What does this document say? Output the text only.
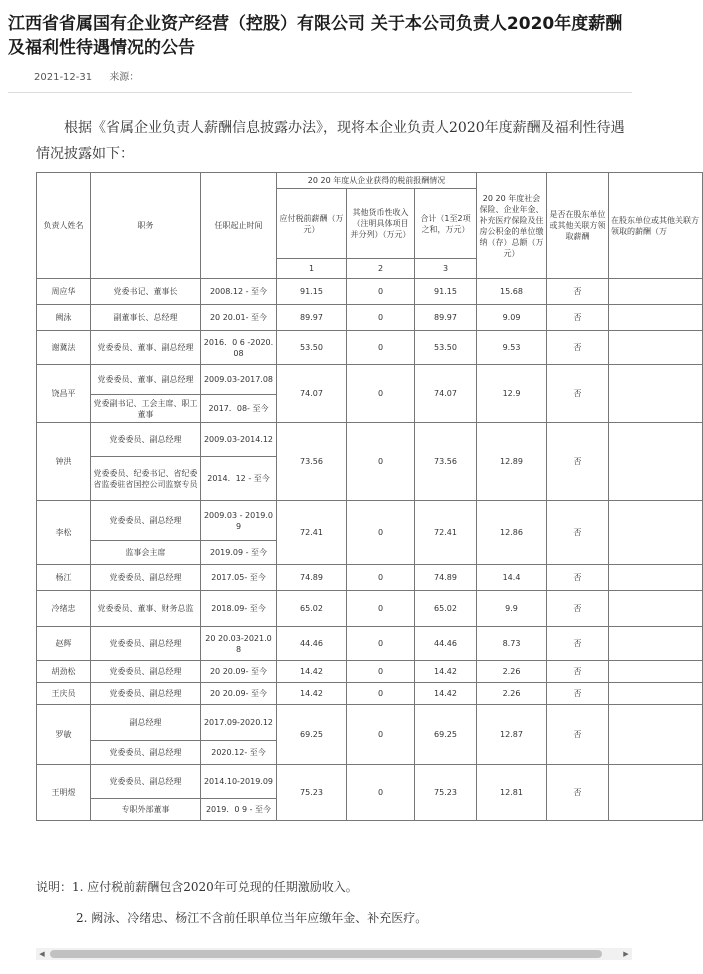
江西省省属国有企业资产经营（控股）有限公司 关于本公司负责人2020年度薪酬及福利性待遇情况的公告
2021-12-31 来源：

根据《省属企业负责人薪酬信息披露办法》，现将本企业负责人2020年度薪酬及福利性待遇情况披露如下：

负责人姓名	职务	任职起止时间	20 20 年度从企业获得的税前报酬情况			20 20 年度社会保险、企业年金、补充医疗保险及住房公积金的单位缴纳（存）总额（万元）	是否在股东单位或其他关联方领取薪酬	在股东单位或其他关联方领取的薪酬（万
			应付税前薪酬（万元）	其他货币性收入（注明具体项目并分列）（万元）	合计（1至2项之和，万元）			
			1	2	3			
周应华	党委书记、董事长	2008.12 - 至今	91.15	0	91.15	15.68	否	
阙泳	副董事长、总经理	20 20.01- 至今	89.97	0	89.97	9.09	否	
谢冀法	党委委员、董事、副总经理	2016．0 6 -2020.08	53.50	0	53.50	9.53	否	
饶昌平	党委委员、董事、副总经理	2009.03-2017.08	74.07	0	74.07	12.9	否	
	党委副书记、工会主席、职工董事	2017．08- 至今						
钟洪	党委委员、副总经理	2009.03-2014.12	73.56	0	73.56	12.89	否	
	党委委员、纪委书记、省纪委 省监委驻省国控公司监察专员	2014．12 - 至今						
李松	党委委员、副总经理	2009.03 - 2019.09	72.41	0	72.41	12.86	否	
	监事会主席	2019.09 - 至今						
杨江	党委委员、副总经理	2017.05- 至今	74.89	0	74.89	14.4	否	
冷绪忠	党委委员、董事、财务总监	2018.09- 至今	65.02	0	65.02	9.9	否	
赵辉	党委委员、副总经理	20 20.03-2021.08	44.46	0	44.46	8.73	否	
胡劲松	党委委员、副总经理	20 20.09- 至今	14.42	0	14.42	2.26	否	
王庆员	党委委员、副总经理	20 20.09- 至今	14.42	0	14.42	2.26	否	
罗敏	副总经理	2017.09-2020.12	69.25	0	69.25	12.87	否	
	党委委员、副总经理	2020.12- 至今						
王明煜	党委委员、副总经理	2014.10-2019.09	75.23	0	75.23	12.81	否	
	专职外部董事	2019．0 9 - 至今						

说明：1. 应付税前薪酬包含2020年可兑现的任期激励收入。

2. 阙泳、冷绪忠、杨江不含前任职单位当年应缴年金、补充医疗。

◀	▶
